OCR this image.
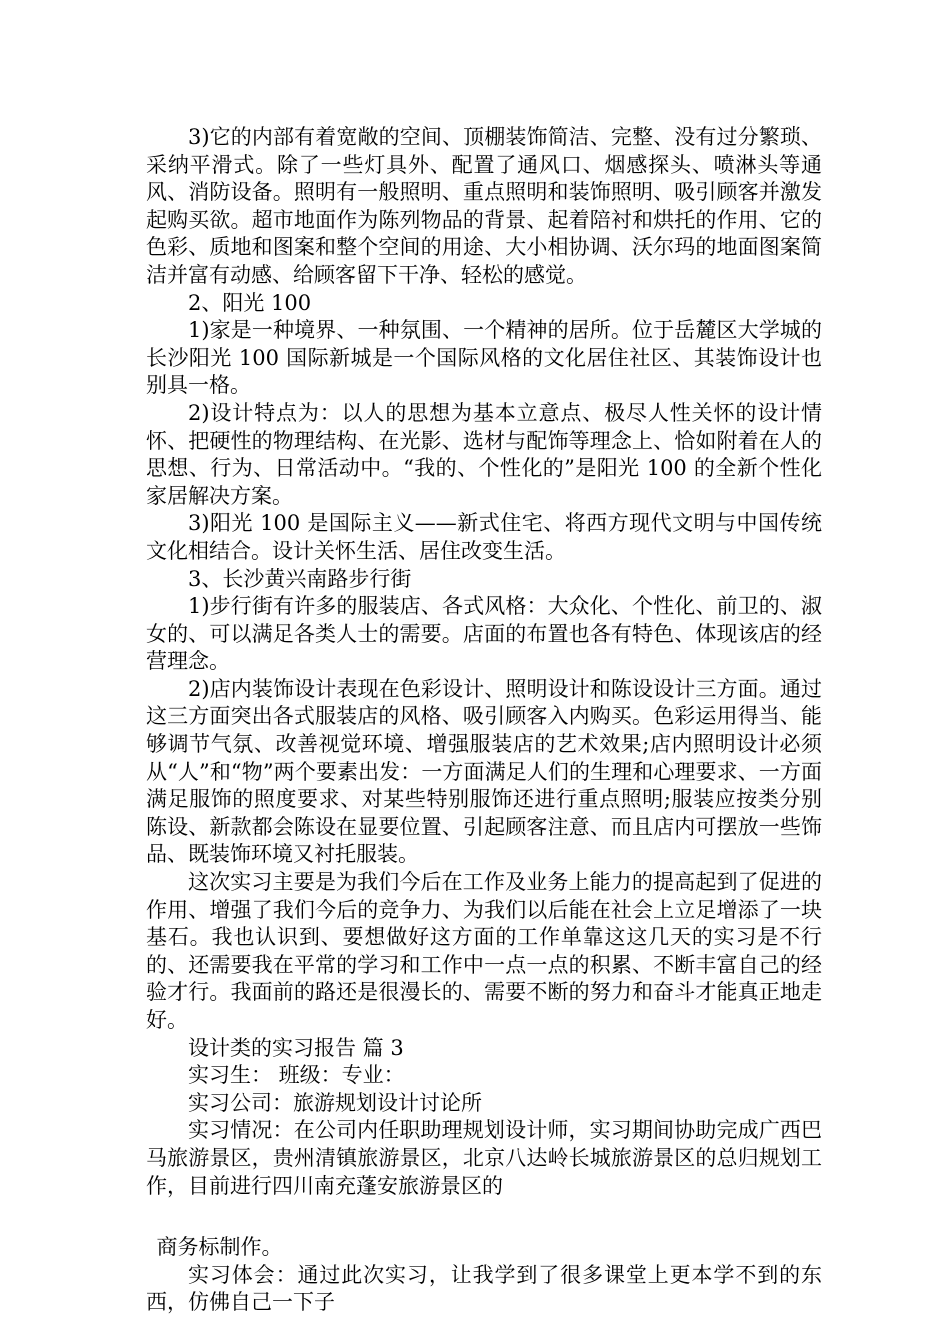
3)它的内部有着宽敞的空间、顶棚装饰简洁、完整、没有过分繁琐、采纳平滑式。除了一些灯具外、配置了通风口、烟感探头、喷淋头等通风、消防设备。照明有一般照明、重点照明和装饰照明、吸引顾客并激发起购买欲。超市地面作为陈列物品的背景、起着陪衬和烘托的作用、它的色彩、质地和图案和整个空间的用途、大小相协调、沃尔玛的地面图案简洁并富有动感、给顾客留下干净、轻松的感觉。

2、阳光 100

1)家是一种境界、一种氛围、一个精神的居所。位于岳麓区大学城的长沙阳光 100 国际新城是一个国际风格的文化居住社区、其装饰设计也别具一格。

2)设计特点为：以人的思想为基本立意点、极尽人性关怀的设计情怀、把硬性的物理结构、在光影、选材与配饰等理念上、恰如附着在人的思想、行为、日常活动中。“我的、个性化的”是阳光 100 的全新个性化家居解决方案。

3)阳光 100 是国际主义——新式住宅、将西方现代文明与中国传统文化相结合。设计关怀生活、居住改变生活。

3、长沙黄兴南路步行街

1)步行街有许多的服装店、各式风格：大众化、个性化、前卫的、淑女的、可以满足各类人士的需要。店面的布置也各有特色、体现该店的经营理念。

2)店内装饰设计表现在色彩设计、照明设计和陈设设计三方面。通过这三方面突出各式服装店的风格、吸引顾客入内购买。色彩运用得当、能够调节气氛、改善视觉环境、增强服装店的艺术效果;店内照明设计必须从“人”和“物”两个要素出发：一方面满足人们的生理和心理要求、一方面满足服饰的照度要求、对某些特别服饰还进行重点照明;服装应按类分别陈设、新款都会陈设在显要位置、引起顾客注意、而且店内可摆放一些饰品、既装饰环境又衬托服装。

这次实习主要是为我们今后在工作及业务上能力的提高起到了促进的作用、增强了我们今后的竞争力、为我们以后能在社会上立足增添了一块基石。我也认识到、要想做好这方面的工作单靠这这几天的实习是不行的、还需要我在平常的学习和工作中一点一点的积累、不断丰富自己的经验才行。我面前的路还是很漫长的、需要不断的努力和奋斗才能真正地走好。

设计类的实习报告 篇 3

实习生： 班级：专业：

实习公司：旅游规划设计讨论所

实习情况：在公司内任职助理规划设计师，实习期间协助完成广西巴马旅游景区，贵州清镇旅游景区，北京八达岭长城旅游景区的总归规划工作，目前进行四川南充蓬安旅游景区的

商务标制作。

实习体会：通过此次实习，让我学到了很多课堂上更本学不到的东西，仿佛自己一下子
